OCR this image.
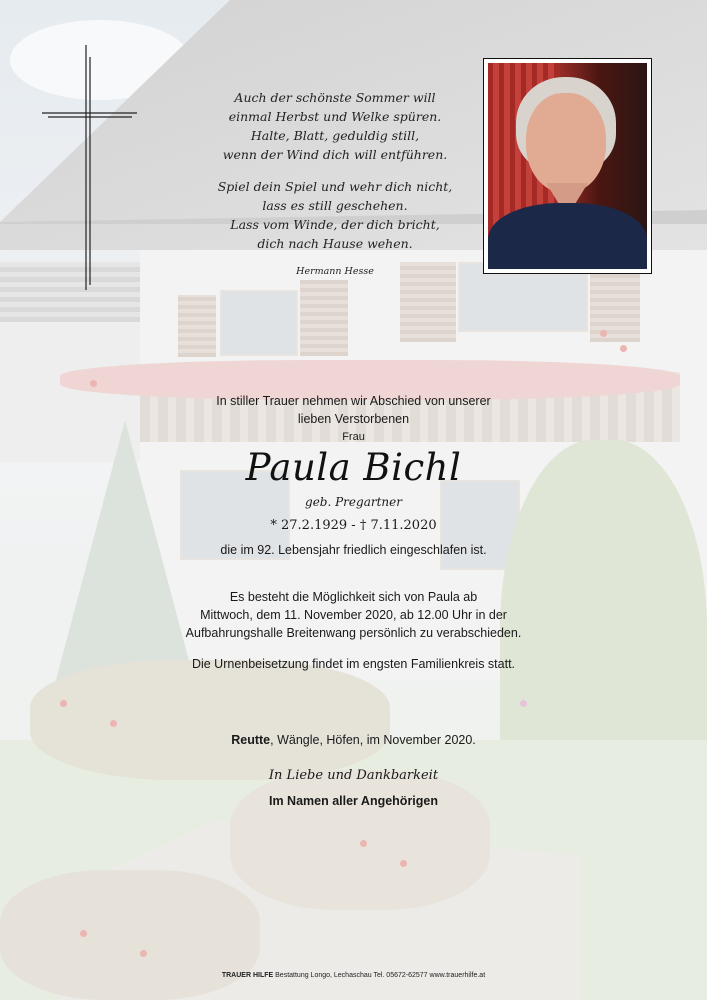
Auch der schönste Sommer will
einmal Herbst und Welke spüren.
Halte, Blatt, geduldig still,
wenn der Wind dich will entführen.
Spiel dein Spiel und wehr dich nicht,
lass es still geschehen.
Lass vom Winde, der dich bricht,
dich nach Hause wehen.
Hermann Hesse
In stiller Trauer nehmen wir Abschied von unserer
lieben Verstorbenen
Frau
Paula Bichl
geb. Pregartner
* 27.2.1929 - † 7.11.2020
die im 92. Lebensjahr friedlich eingeschlafen ist.
Es besteht die Möglichkeit sich von Paula ab
Mittwoch, dem 11. November 2020, ab 12.00 Uhr in der
Aufbahrungshalle Breitenwang persönlich zu verabschieden.
Die Urnenbeisetzung findet im engsten Familienkreis statt.
Reutte, Wängle, Höfen, im November 2020.
In Liebe und Dankbarkeit
Im Namen aller Angehörigen
TRAUER HILFE Bestattung Longo, Lechaschau Tel. 05672-62577 www.trauerhilfe.at
